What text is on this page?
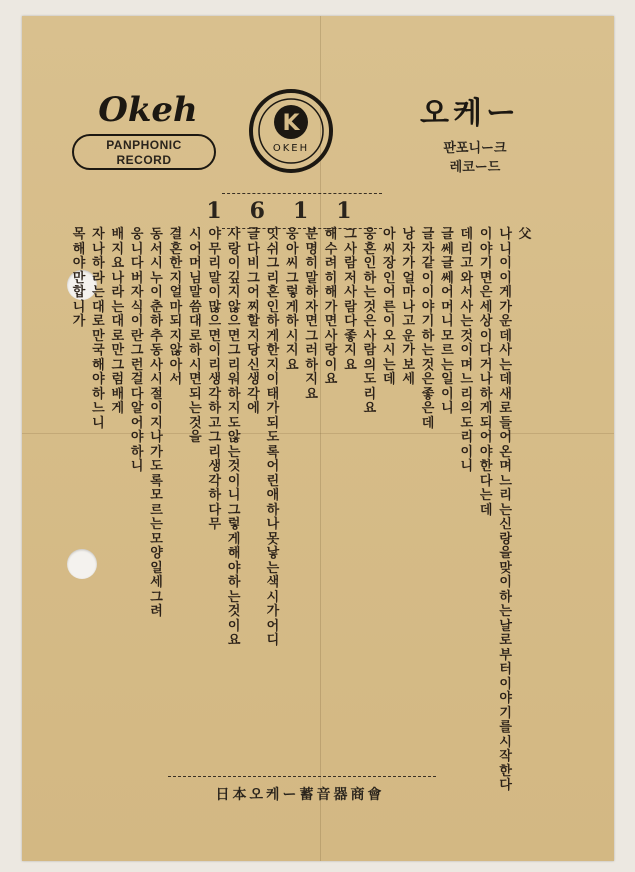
Okeh
PANPHONIC
RECORD
K
OKEH
오케ー
판포니ー크
레코ー드
1611
父
나니이이게가운데사는데새로들어온며느리는신랑을맞이하는날로부터이야기를시작한다
이야기면은세상이다거나하게되어야한다는데
데리고와서사는것이며느리의도리이니
글쎄글쎄어머니모르는일이니
글자같이이야기하는것은좋은데
낭자가얼마나고운가보세
아씨장인어른이오시는데
웅혼인하는것은사람의도리요
그사람저사람다좋지요
해수려히해가면사랑이요
분명히말하자면그러하지요
웅아씨그렇게하시지요
잇쉬그리혼인하게한지이태가되도록어린애하나못낳는색시가어디
글다비그어찌할지당신생각에
사랑이깊지않으면그리워하지도않는것이니그렇게해야하는것이요
야무리말이많으면이리생각하고그리생각하다무
시어머님말씀대로하시면되는것을
결혼한지얼마되지않아서
동서시누이춘하추동사시절이지나가도록모르는모양일세그려
웅니다버자식이란그런걸다알어야하니
배지요나라는대로만그럼배게
자나하라는대로만국해야하느니
목해야만합니가
日本오케ー蓄音器商會
